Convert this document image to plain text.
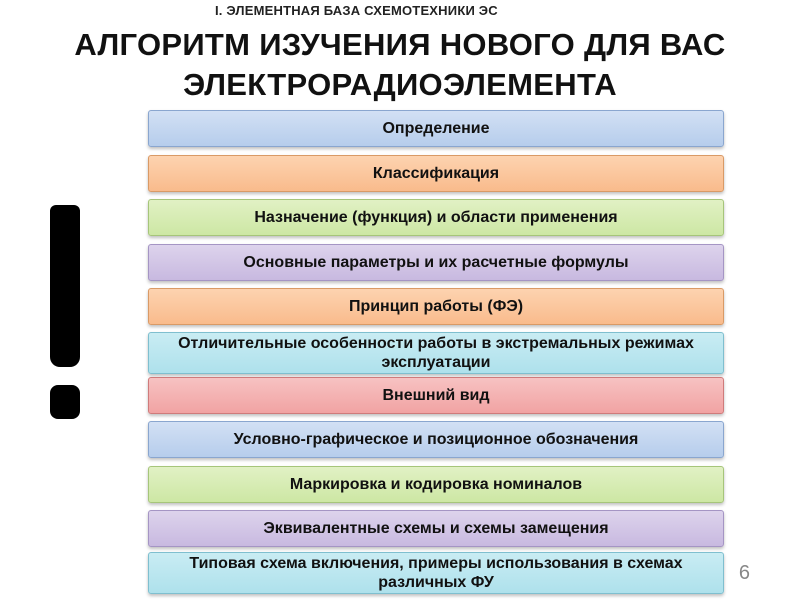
I. ЭЛЕМЕНТНАЯ БАЗА СХЕМОТЕХНИКИ ЭС
АЛГОРИТМ ИЗУЧЕНИЯ НОВОГО ДЛЯ ВАС
ЭЛЕКТРОРАДИОЭЛЕМЕНТА
Определение
Классификация
Назначение (функция) и области применения
Основные параметры и их расчетные формулы
Принцип работы (ФЭ)
Отличительные особенности работы в экстремальных режимах эксплуатации
Внешний вид
Условно-графическое и позиционное обозначения
Маркировка и кодировка номиналов
Эквивалентные схемы и схемы замещения
Типовая схема включения, примеры использования в схемах различных ФУ	6
